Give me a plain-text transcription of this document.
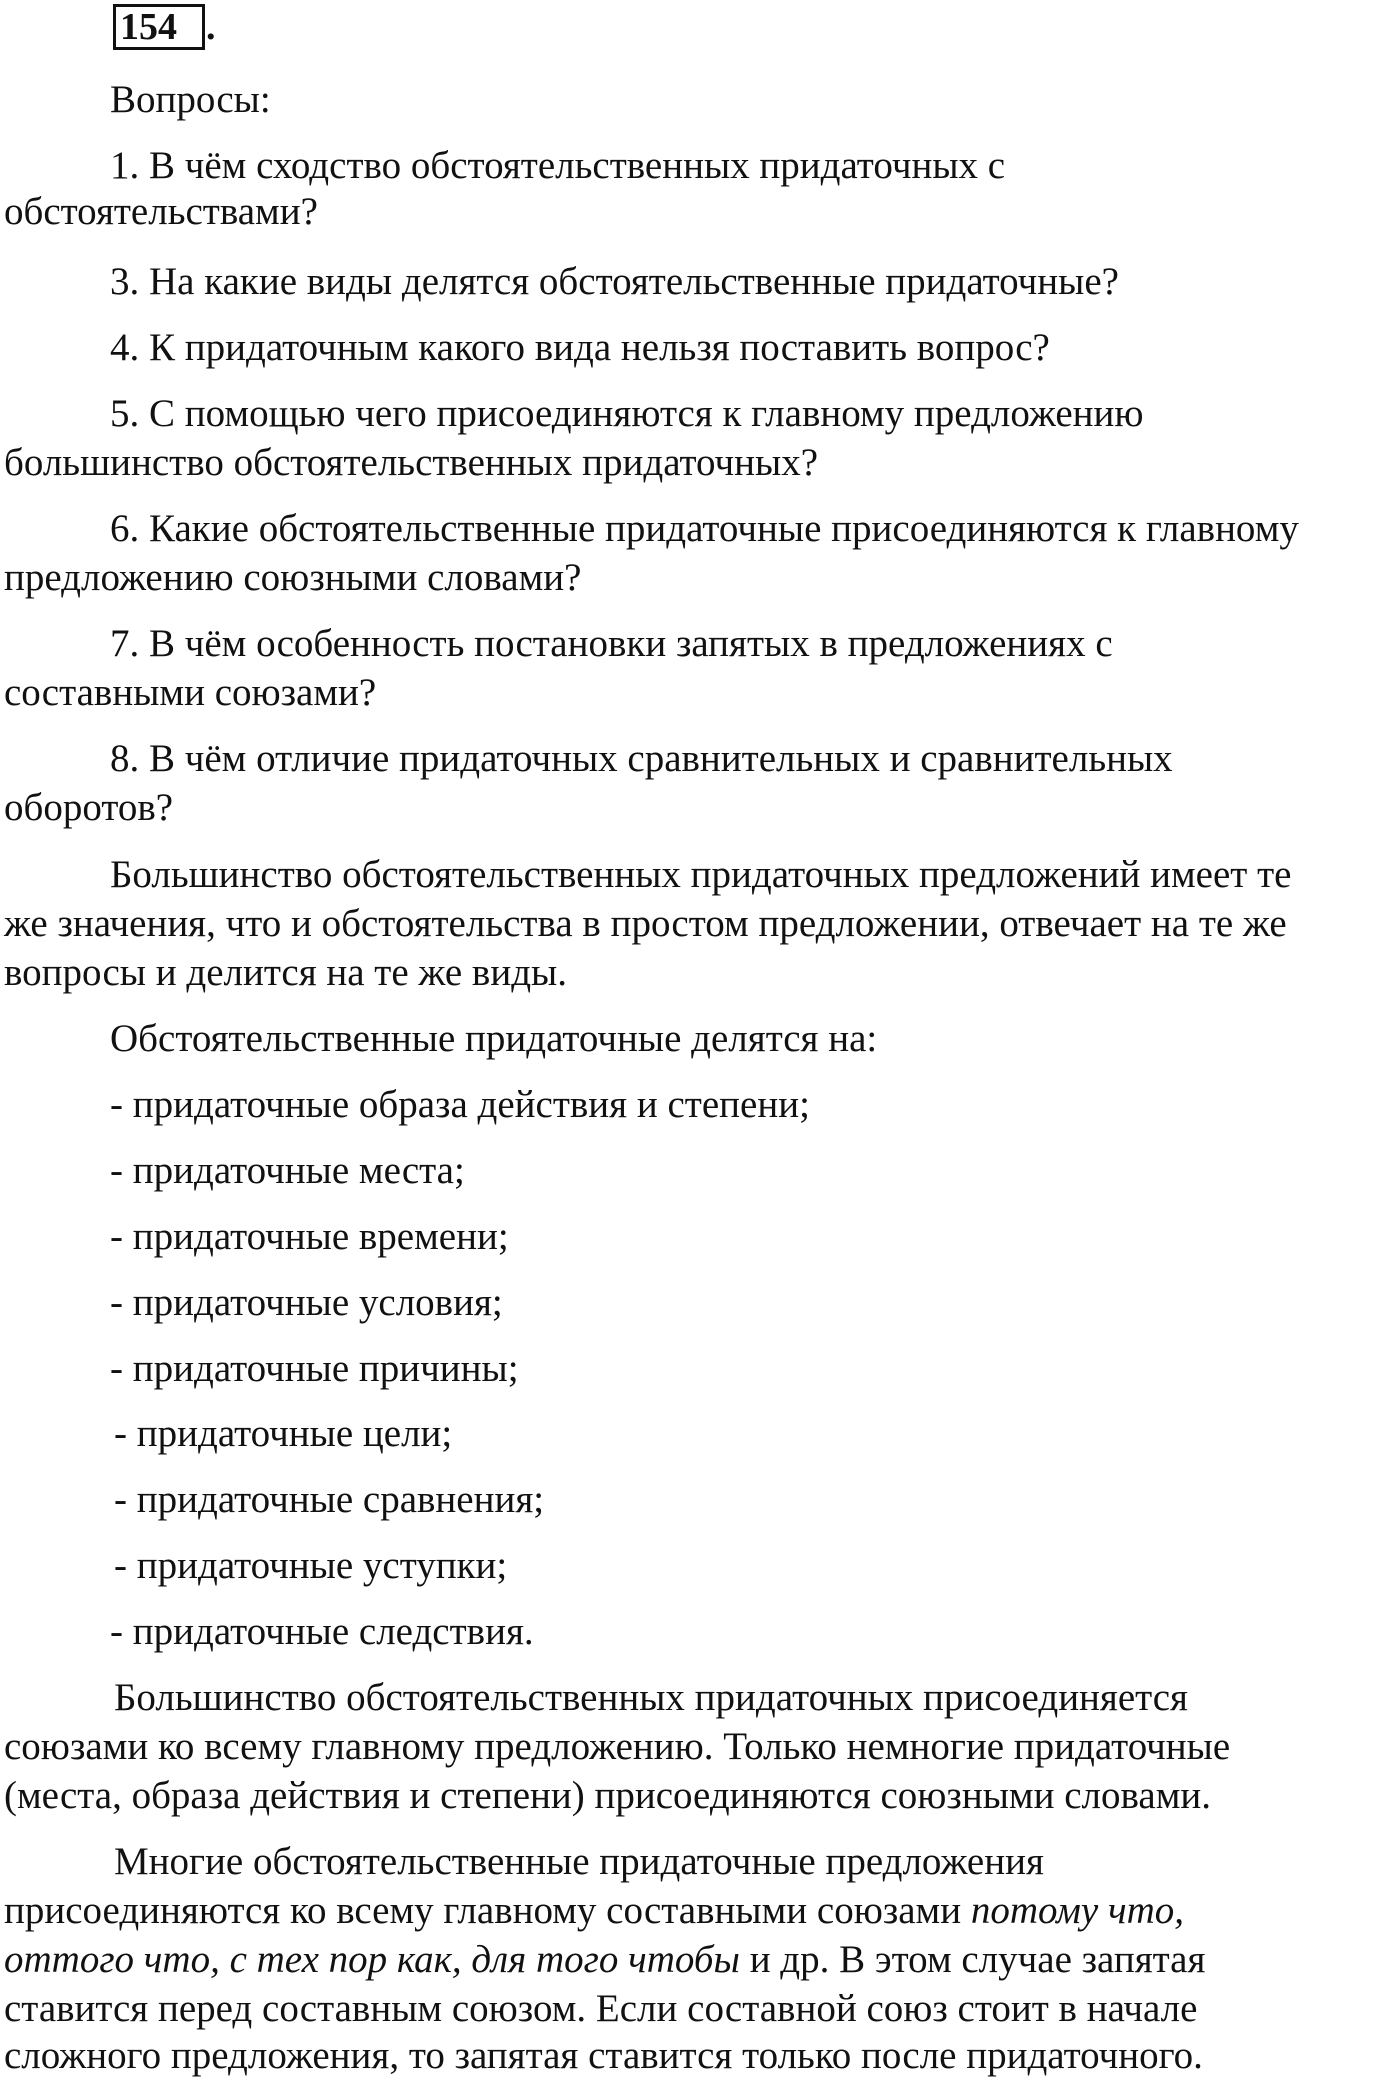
154 .
Вопросы:
1. В чём сходство обстоятельственных придаточных с
обстоятельствами?
3. На какие виды делятся обстоятельственные придаточные?
4. К придаточным какого вида нельзя поставить вопрос?
5. С помощью чего присоединяются к главному предложению
большинство обстоятельственных придаточных?
6. Какие обстоятельственные придаточные присоединяются к главному
предложению союзными словами?
7. В чём особенность постановки запятых в предложениях с
составными союзами?
8. В чём отличие придаточных сравнительных и сравнительных
оборотов?
Большинство обстоятельственных придаточных предложений имеет те
же значения, что и обстоятельства в простом предложении, отвечает на те же
вопросы и делится на те же виды.
Обстоятельственные придаточные делятся на:
- придаточные образа действия и степени;
- придаточные места;
- придаточные времени;
- придаточные условия;
- придаточные причины;
- придаточные цели;
- придаточные сравнения;
- придаточные уступки;
- придаточные следствия.
Большинство обстоятельственных придаточных присоединяется
союзами ко всему главному предложению. Только немногие придаточные
(места, образа действия и степени) присоединяются союзными словами.
Многие обстоятельственные придаточные предложения
присоединяются ко всему главному составными союзами потому что,
оттого что, с тех пор как, для того чтобы и др. В этом случае запятая
ставится перед составным союзом. Если составной союз стоит в начале
сложного предложения, то запятая ставится только после придаточного.
